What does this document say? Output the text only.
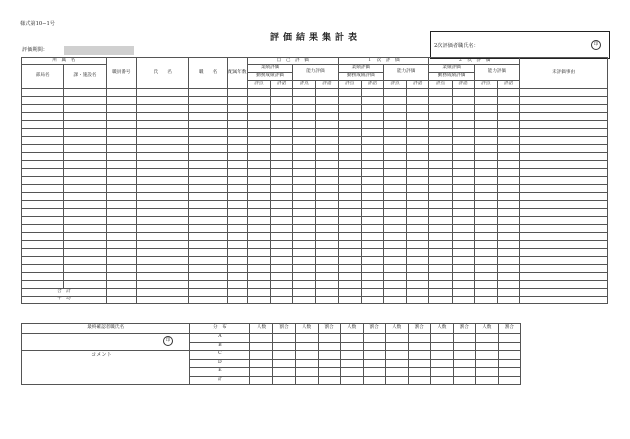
様式第10−1号
評価結果集計表
評価期間：
2次評価者職氏名：	印
所　属　名		職員番号	氏　　名	職　　名	配属年数	自　己　評　価				１　次　評　価				２　次　評　価				未評価事由
部局名	課・施設名					業績評価		能力評価		業績評価		能力評価		業績評価		能力評価		
						勤務成績評価				勤務成績評価				勤務成績評価				
						評点	評語	評点	評語	評点	評語	評点	評語	評点	評語	評点	評語	

合　計																		
平　均																		
最終確認者職氏名	分　布	人数	割合	人数	割合	人数	割合	人数	割合	人数	割合	人数	割合
	A												
	B												
	C												
	D												
	E												
	計												
印
コメント
